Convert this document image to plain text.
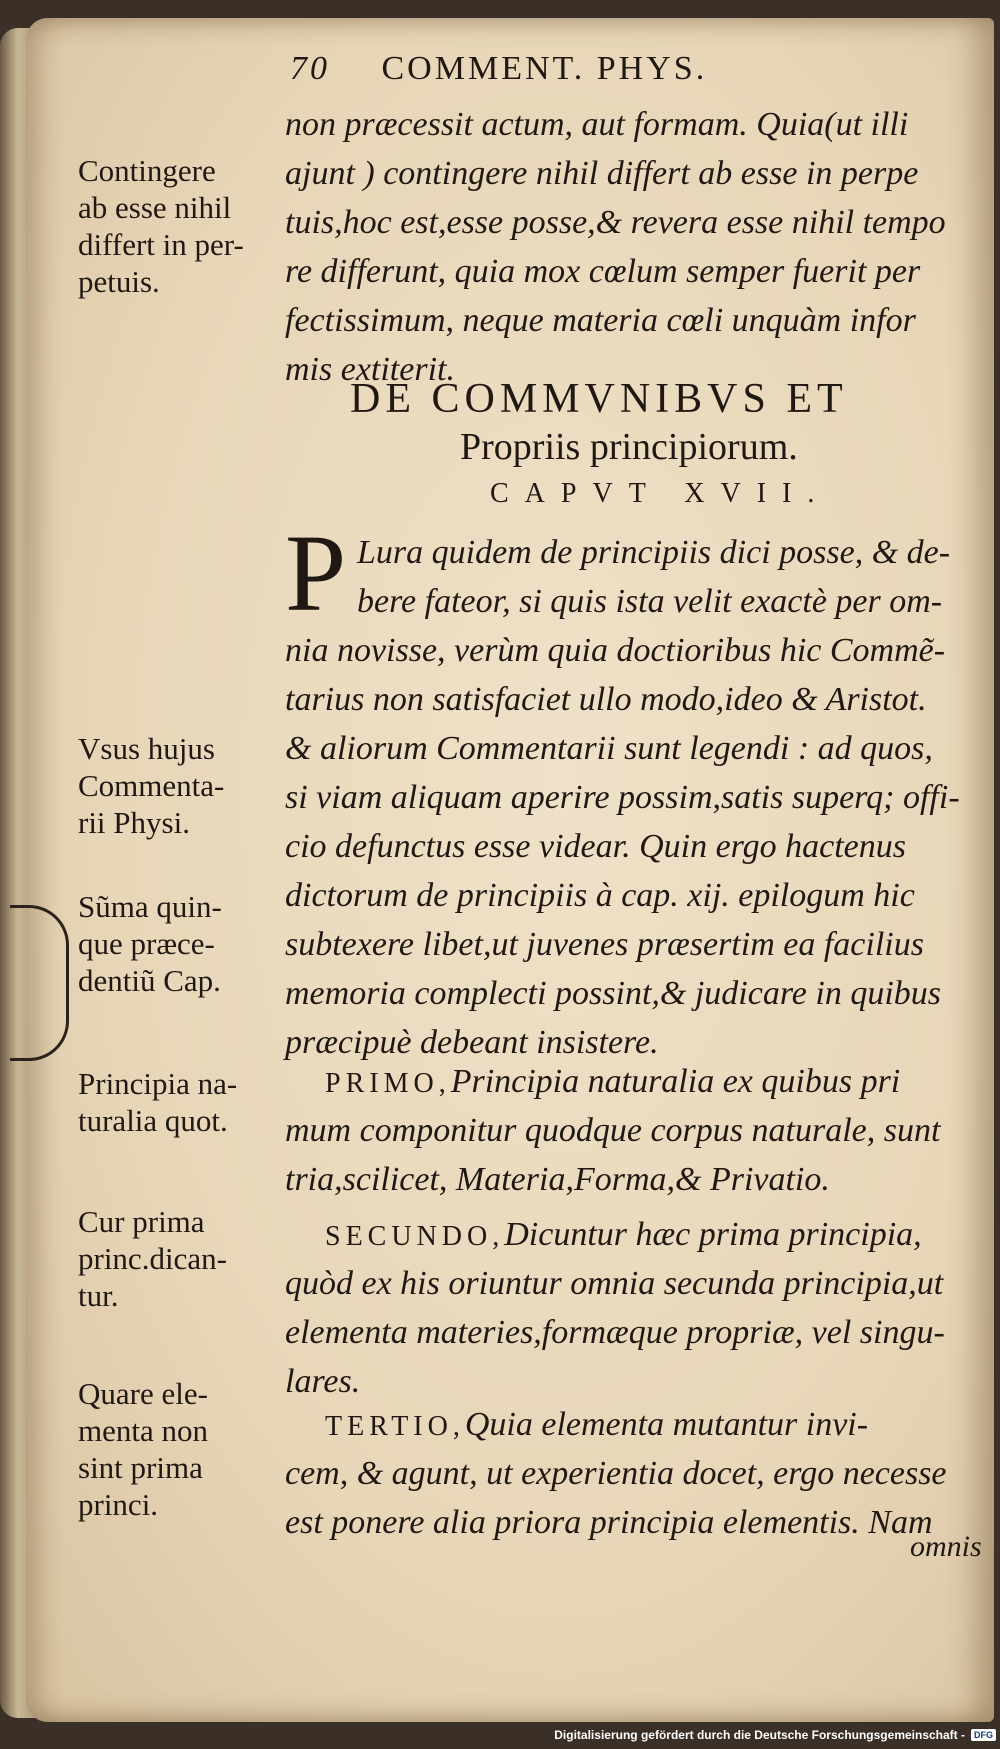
70 COMMENT. PHYS.
non præcessit actum, aut formam. Quia(ut illi
ajunt ) contingere nihil differt ab esse in perpe
tuis,hoc est,esse posse,& revera esse nihil tempo
re differunt, quia mox cœlum semper fuerit per
fectissimum, neque materia cœli unquàm infor
mis extiterit.
DE COMMVNIBVS ET
Propriis principiorum.
CAPVT XVII.
P Lura quidem de principiis dici posse, & de-
bere fateor, si quis ista velit exactè per om-
nia novisse, verùm quia doctioribus hic Commẽ-
tarius non satisfaciet ullo modo,ideo & Aristot.
& aliorum Commentarii sunt legendi : ad quos,
si viam aliquam aperire possim,satis superq; offi-
cio defunctus esse videar. Quin ergo hactenus
dictorum de principiis à cap. xij. epilogum hic
subtexere libet,ut juvenes præsertim ea facilius
memoria complecti possint,& judicare in quibus
præcipuè debeant insistere.
PRIMO,Principia naturalia ex quibus pri
mum componitur quodque corpus naturale, sunt
tria,scilicet, Materia,Forma,& Privatio.
SECUNDO,Dicuntur hæc prima principia,
quòd ex his oriuntur omnia secunda principia,ut
elementa materies,formæque propriæ, vel singu-
lares.
TERTIO,Quia elementa mutantur invi-
cem, & agunt, ut experientia docet, ergo necesse
est ponere alia priora principia elementis. Nam
omnis
Contingere
ab esse nihil
differt in per-
petuis.
Vsus hujus
Commenta-
rii Physi.
Sũma quin-
que præce-
dentiũ Cap.
Principia na-
turalia quot.
Cur prima
princ.dican-
tur.
Quare ele-
menta non
sint prima
princi.
Digitalisierung gefördert durch die Deutsche Forschungsgemeinschaft -	DFG
